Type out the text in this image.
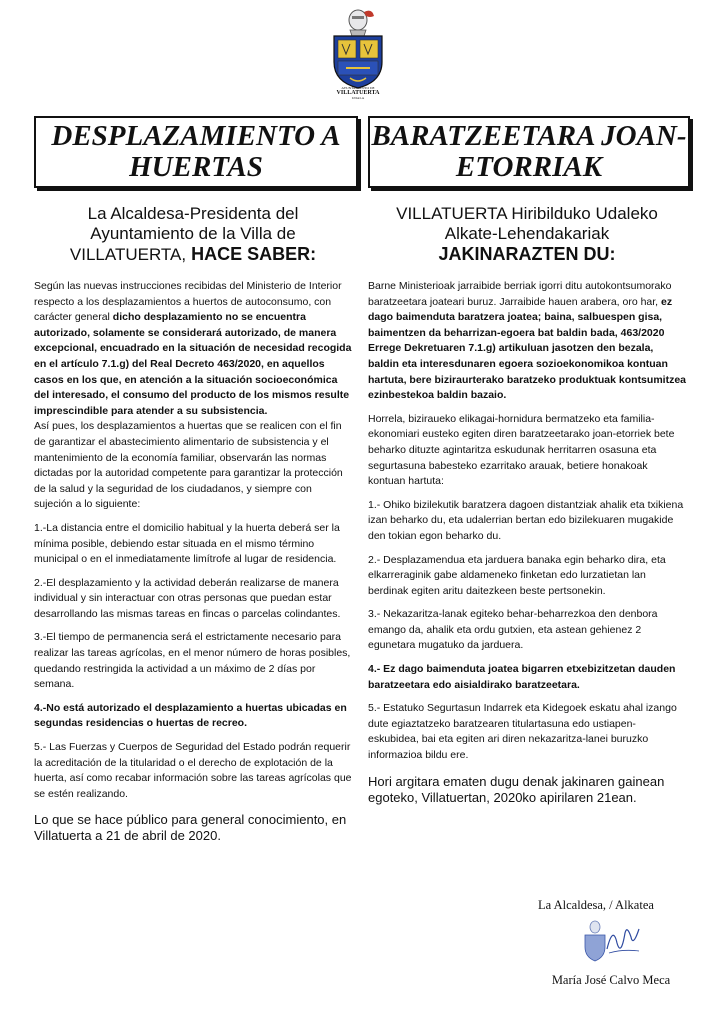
AYUNTAMIENTO DE
VILLATUERTA
UDALA
DESPLAZAMIENTO A
HUERTAS
BARATZEETARA JOAN-
ETORRIAK
La Alcaldesa-Presidenta del
Ayuntamiento de la Villa de
VILLATUERTA, HACE SABER:

Según las nuevas instrucciones recibidas del Ministerio de Interior respecto a los desplazamientos a huertos de autoconsumo, con carácter general dicho desplazamiento no se encuentra autorizado, solamente se considerará autorizado, de manera excepcional, encuadrado en la situación de necesidad recogida en el artículo 7.1.g) del Real Decreto 463/2020, en aquellos casos en los que, en atención a la situación socioeconómica del interesado, el consumo del producto de los mismos resulte imprescindible para atender a su subsistencia.

Así pues, los desplazamientos a huertas que se realicen con el fin de garantizar el abastecimiento alimentario de subsistencia y el mantenimiento de la economía familiar, observarán las normas dictadas por la autoridad competente para garantizar la protección de la salud y la seguridad de los ciudadanos, y siempre con sujeción a lo siguiente:

1.-La distancia entre el domicilio habitual y la huerta deberá ser la mínima posible, debiendo estar situada en el mismo término municipal o en el inmediatamente limítrofe al lugar de residencia.

2.-El desplazamiento y la actividad deberán realizarse de manera individual y sin interactuar con otras personas que puedan estar desarrollando las mismas tareas en fincas o parcelas colindantes.

3.-El tiempo de permanencia será el estrictamente necesario para realizar las tareas agrícolas, en el menor número de horas posibles, quedando restringida la actividad a un máximo de 2 días por semana.

4.-No está autorizado el desplazamiento a huertas ubicadas en segundas residencias o huertas de recreo.

5.- Las Fuerzas y Cuerpos de Seguridad del Estado podrán requerir la acreditación de la titularidad o el derecho de explotación de la huerta, así como recabar información sobre las tareas agrícolas que se estén realizando.

Lo que se hace público para general conocimiento, en Villatuerta a 21 de abril de 2020.
VILLATUERTA Hiribilduko Udaleko
Alkate-Lehendakariak
JAKINARAZTEN DU:

Barne Ministerioak jarraibide berriak igorri ditu autokontsumorako baratzeetara joateari buruz. Jarraibide hauen arabera, oro har, ez dago baimenduta baratzera joatea; baina, salbuespen gisa, baimentzen da beharrizan-egoera bat baldin bada, 463/2020 Errege Dekretuaren 7.1.g) artikuluan jasotzen den bezala, baldin eta interesdunaren egoera sozioekonomikoa kontuan hartuta, bere biziraurterako baratzeko produktuak kontsumitzea ezinbestekoa baldin bazaio.

Horrela, biziraueko elikagai-hornidura bermatzeko eta familia-ekonomiari eusteko egiten diren baratzeetarako joan-etorriek bete beharko dituzte agintaritza eskudunak herritarren osasuna eta segurtasuna babesteko ezarritako arauak, betiere honakoak kontuan hartuta:

1.- Ohiko bizilekutik baratzera dagoen distantziak ahalik eta txikiena izan beharko du, eta udalerrian bertan edo bizilekuaren mugakide den tokian egon beharko du.

2.- Desplazamendua eta jarduera banaka egin beharko dira, eta elkarreraginik gabe aldameneko finketan edo lurzatietan lan berdinak egiten aritu daitezkeen beste pertsonekin.

3.- Nekazaritza-lanak egiteko behar-beharrezkoa den denbora emango da, ahalik eta ordu gutxien, eta astean gehienez 2 egunetara mugatuko da jarduera.

4.- Ez dago baimenduta joatea bigarren etxebizitzetan dauden baratzeetara edo aisialdirako baratzeetara.

5.- Estatuko Segurtasun Indarrek eta Kidegoek eskatu ahal izango dute egiaztatzeko baratzearen titulartasuna edo ustiapen-eskubidea, bai eta egiten ari diren nekazaritza-lanei buruzko informazioa bildu ere.

Hori argitara ematen dugu denak jakinaren gainean egoteko, Villatuertan, 2020ko apirilaren 21ean.
La Alcaldesa, / Alkatea
María José Calvo Meca
